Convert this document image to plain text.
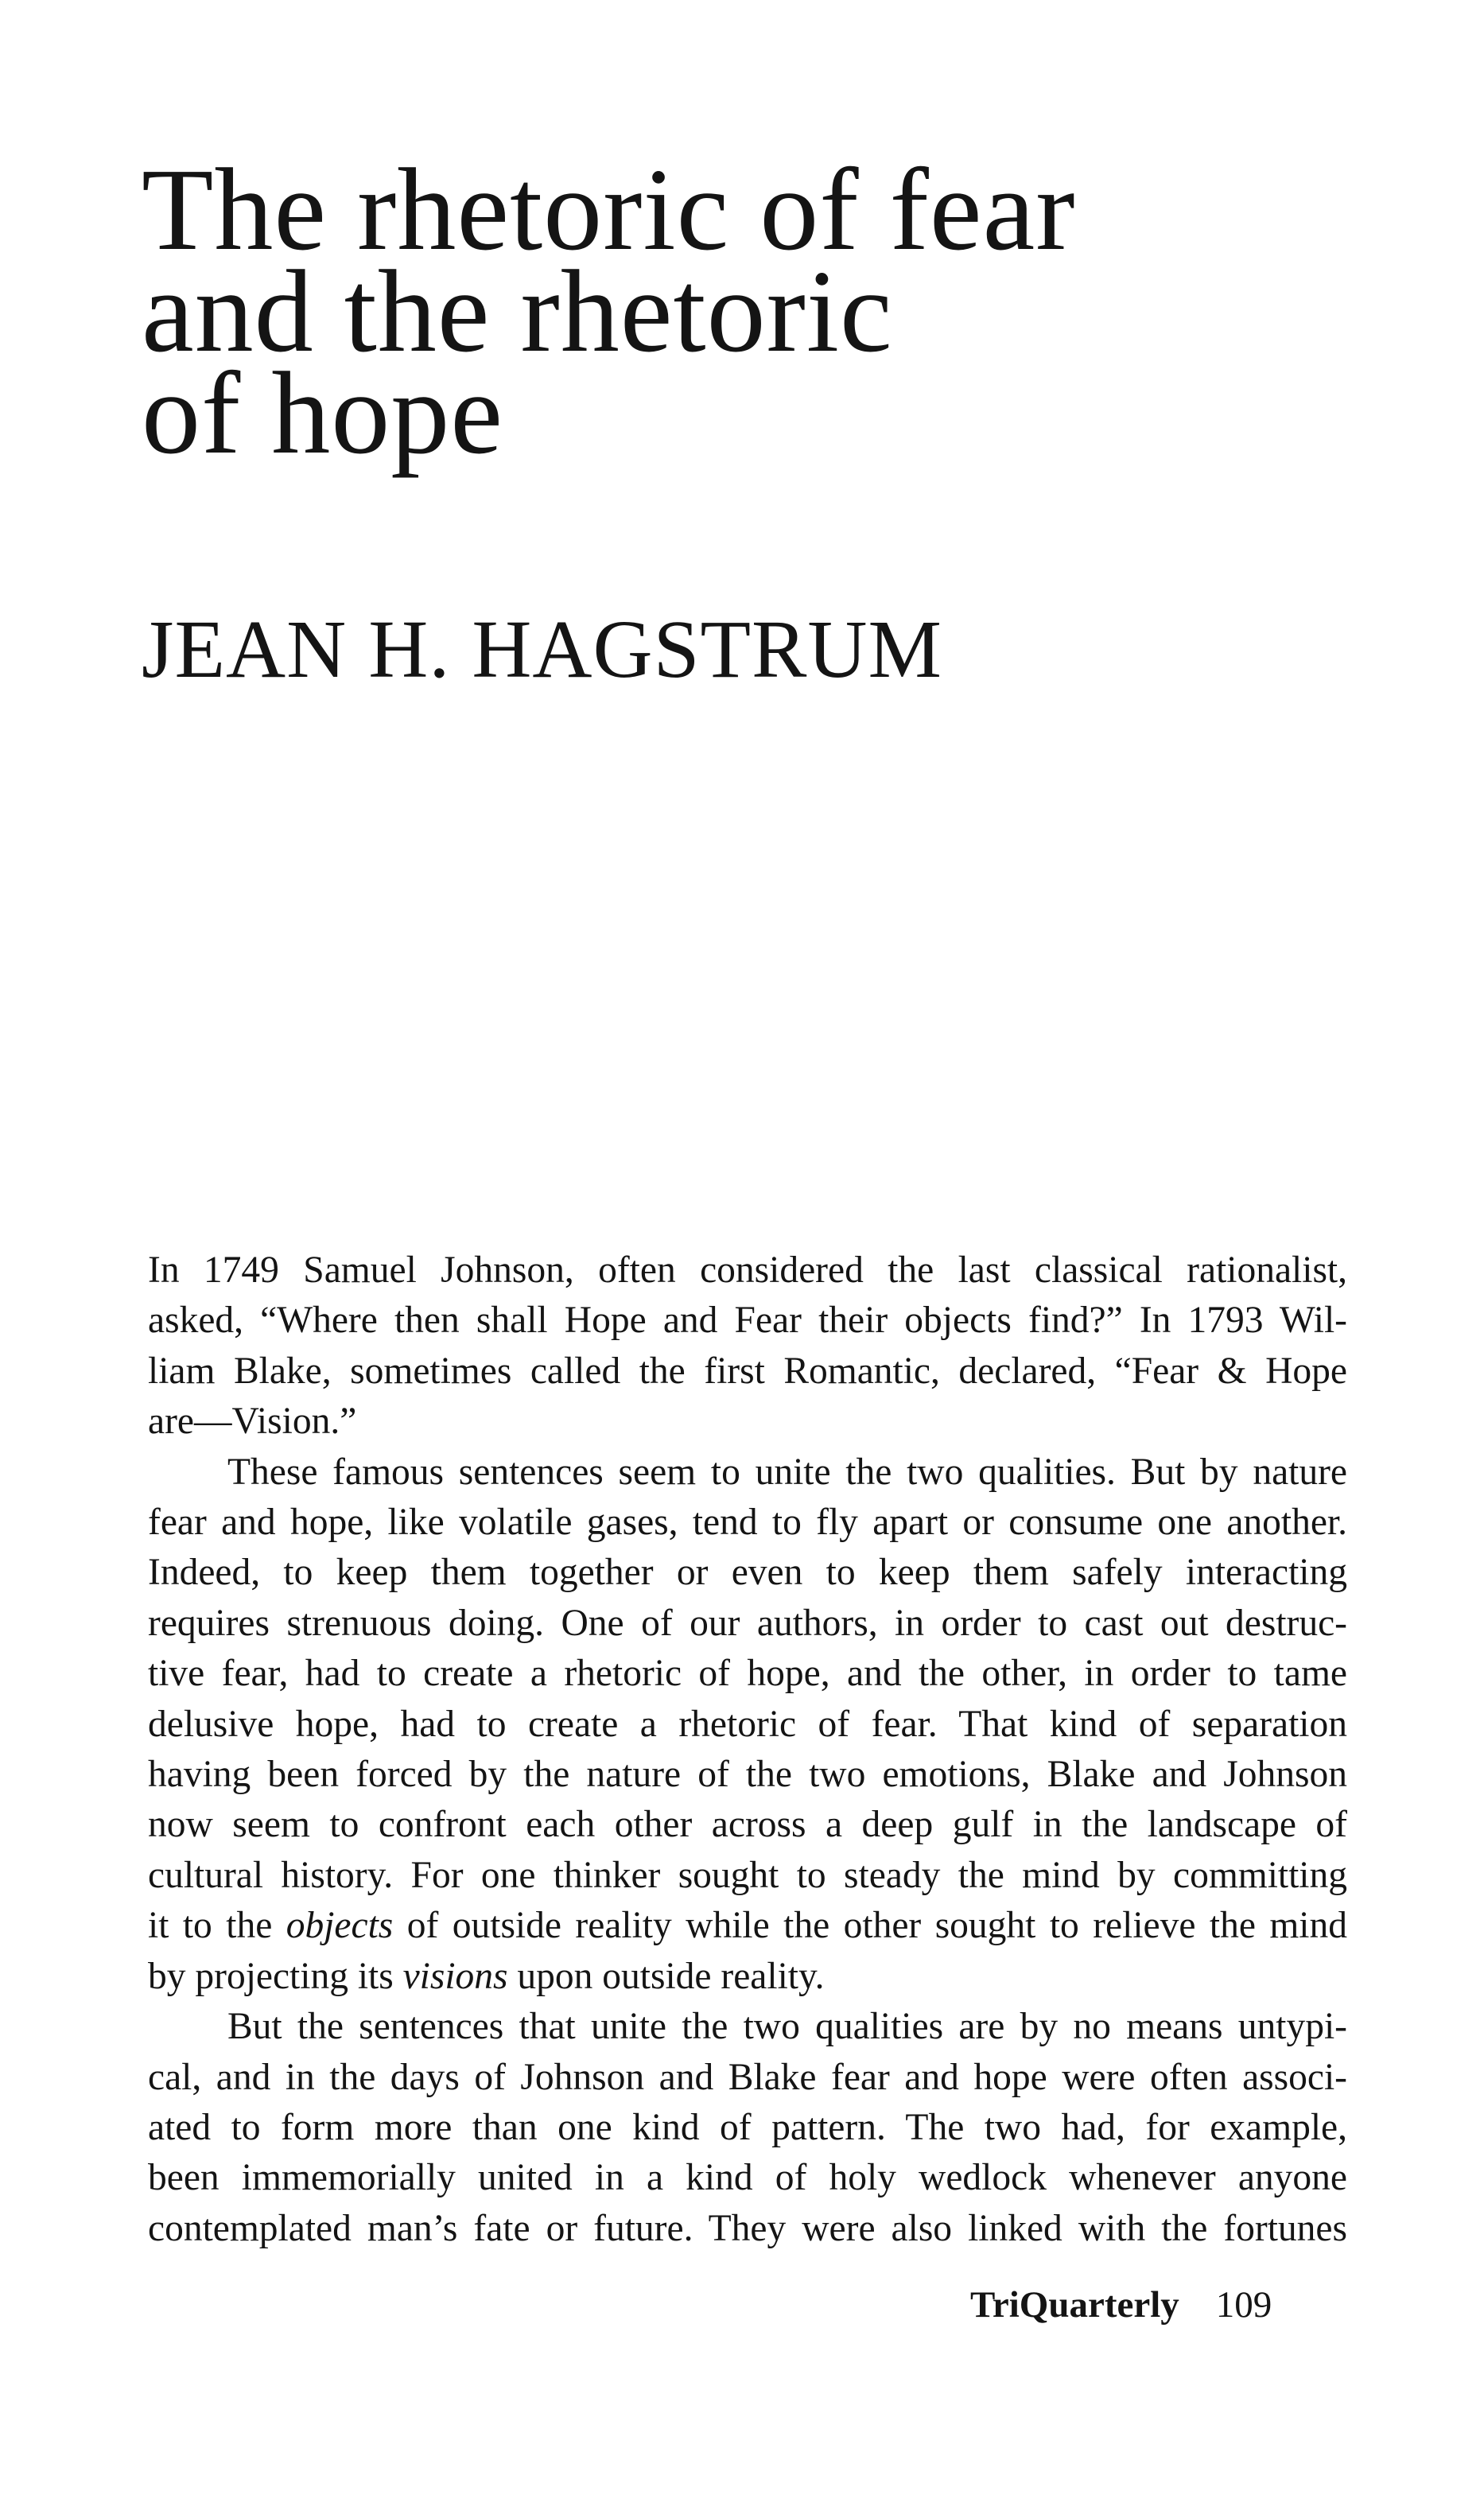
The rhetoric of fear
and the rhetoric
of hope
JEAN H. HAGSTRUM

In 1749 Samuel Johnson, often considered the last classical rationalist,
asked, “Where then shall Hope and Fear their objects find?” In 1793 Wil-
liam Blake, sometimes called the first Romantic, declared, “Fear & Hope
are—Vision.”

These famous sentences seem to unite the two qualities. But by nature
fear and hope, like volatile gases, tend to fly apart or consume one another.
Indeed, to keep them together or even to keep them safely interacting
requires strenuous doing. One of our authors, in order to cast out destruc-
tive fear, had to create a rhetoric of hope, and the other, in order to tame
delusive hope, had to create a rhetoric of fear. That kind of separation
having been forced by the nature of the two emotions, Blake and Johnson
now seem to confront each other across a deep gulf in the landscape of
cultural history. For one thinker sought to steady the mind by committing
it to the objects of outside reality while the other sought to relieve the mind
by projecting its visions upon outside reality.

But the sentences that unite the two qualities are by no means untypi-
cal, and in the days of Johnson and Blake fear and hope were often associ-
ated to form more than one kind of pattern. The two had, for example,
been immemorially united in a kind of holy wedlock whenever anyone
contemplated man’s fate or future. They were also linked with the fortunes

TriQuarterly 109
